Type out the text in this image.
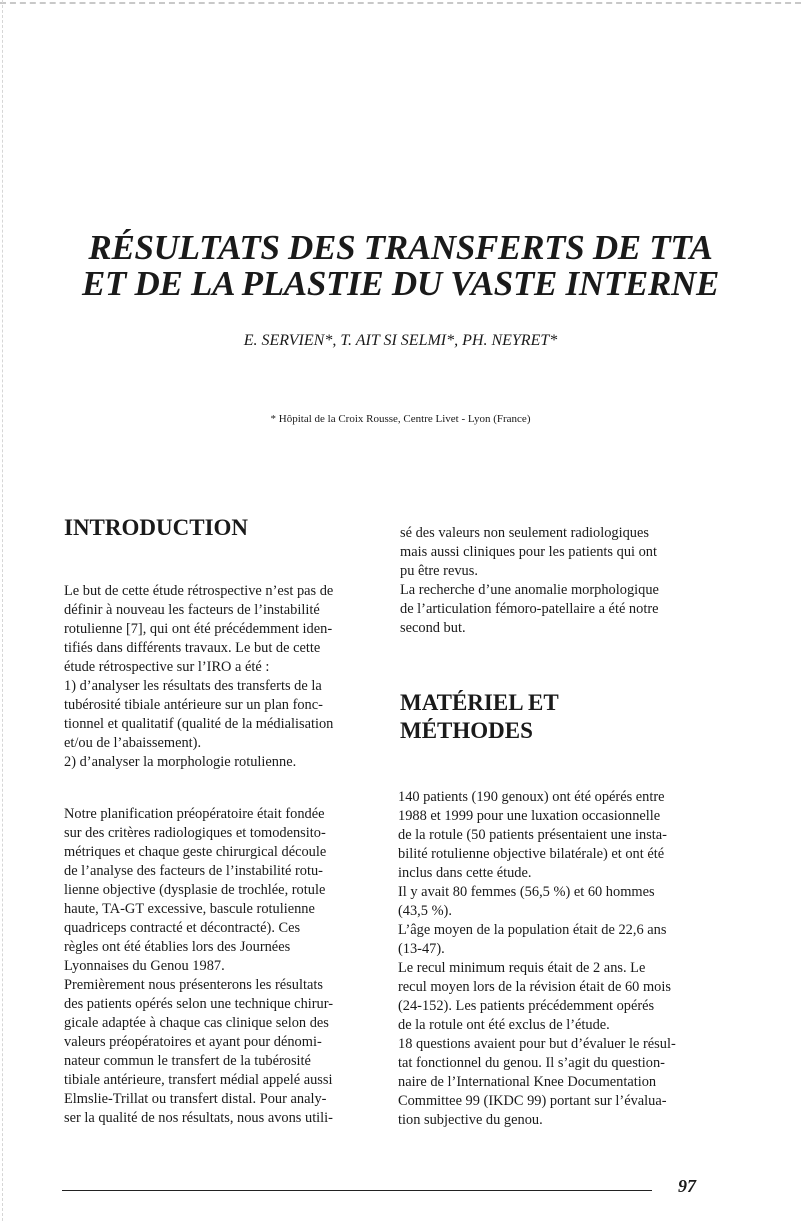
RÉSULTATS DES TRANSFERTS DE TTA
ET DE LA PLASTIE DU VASTE INTERNE
E. SERVIEN*, T. AIT SI SELMI*, PH. NEYRET*
* Hôpital de la Croix Rousse, Centre Livet - Lyon (France)
INTRODUCTION
Le but de cette étude rétrospective n’est pas de
définir à nouveau les facteurs de l’instabilité
rotulienne [7], qui ont été précédemment iden-
tifiés dans différents travaux. Le but de cette
étude rétrospective sur l’IRO a été :
1) d’analyser les résultats des transferts de la
tubérosité tibiale antérieure sur un plan fonc-
tionnel et qualitatif (qualité de la médialisation
et/ou de l’abaissement).
2) d’analyser la morphologie rotulienne.
Notre planification préopératoire était fondée
sur des critères radiologiques et tomodensito-
métriques et chaque geste chirurgical découle
de l’analyse des facteurs de l’instabilité rotu-
lienne objective (dysplasie de trochlée, rotule
haute, TA-GT excessive, bascule rotulienne
quadriceps contracté et décontracté). Ces
règles ont été établies lors des Journées
Lyonnaises du Genou 1987.
Premièrement nous présenterons les résultats
des patients opérés selon une technique chirur-
gicale adaptée à chaque cas clinique selon des
valeurs préopératoires et ayant pour dénomi-
nateur commun le transfert de la tubérosité
tibiale antérieure, transfert médial appelé aussi
Elmslie-Trillat ou transfert distal. Pour analy-
ser la qualité de nos résultats, nous avons utili-
sé des valeurs non seulement radiologiques
mais aussi cliniques pour les patients qui ont
pu être revus.
La recherche d’une anomalie morphologique
de l’articulation fémoro-patellaire a été notre
second but.
MATÉRIEL ET
MÉTHODES
140 patients (190 genoux) ont été opérés entre
1988 et 1999 pour une luxation occasionnelle
de la rotule (50 patients présentaient une insta-
bilité rotulienne objective bilatérale) et ont été
inclus dans cette étude.
Il y avait 80 femmes (56,5 %) et 60 hommes
(43,5 %).
L’âge moyen de la population était de 22,6 ans
(13-47).
Le recul minimum requis était de 2 ans. Le
recul moyen lors de la révision était de 60 mois
(24-152). Les patients précédemment opérés
de la rotule ont été exclus de l’étude.
18 questions avaient pour but d’évaluer le résul-
tat fonctionnel du genou. Il s’agit du question-
naire de l’International Knee Documentation
Committee 99 (IKDC 99) portant sur l’évalua-
tion subjective du genou.
97
